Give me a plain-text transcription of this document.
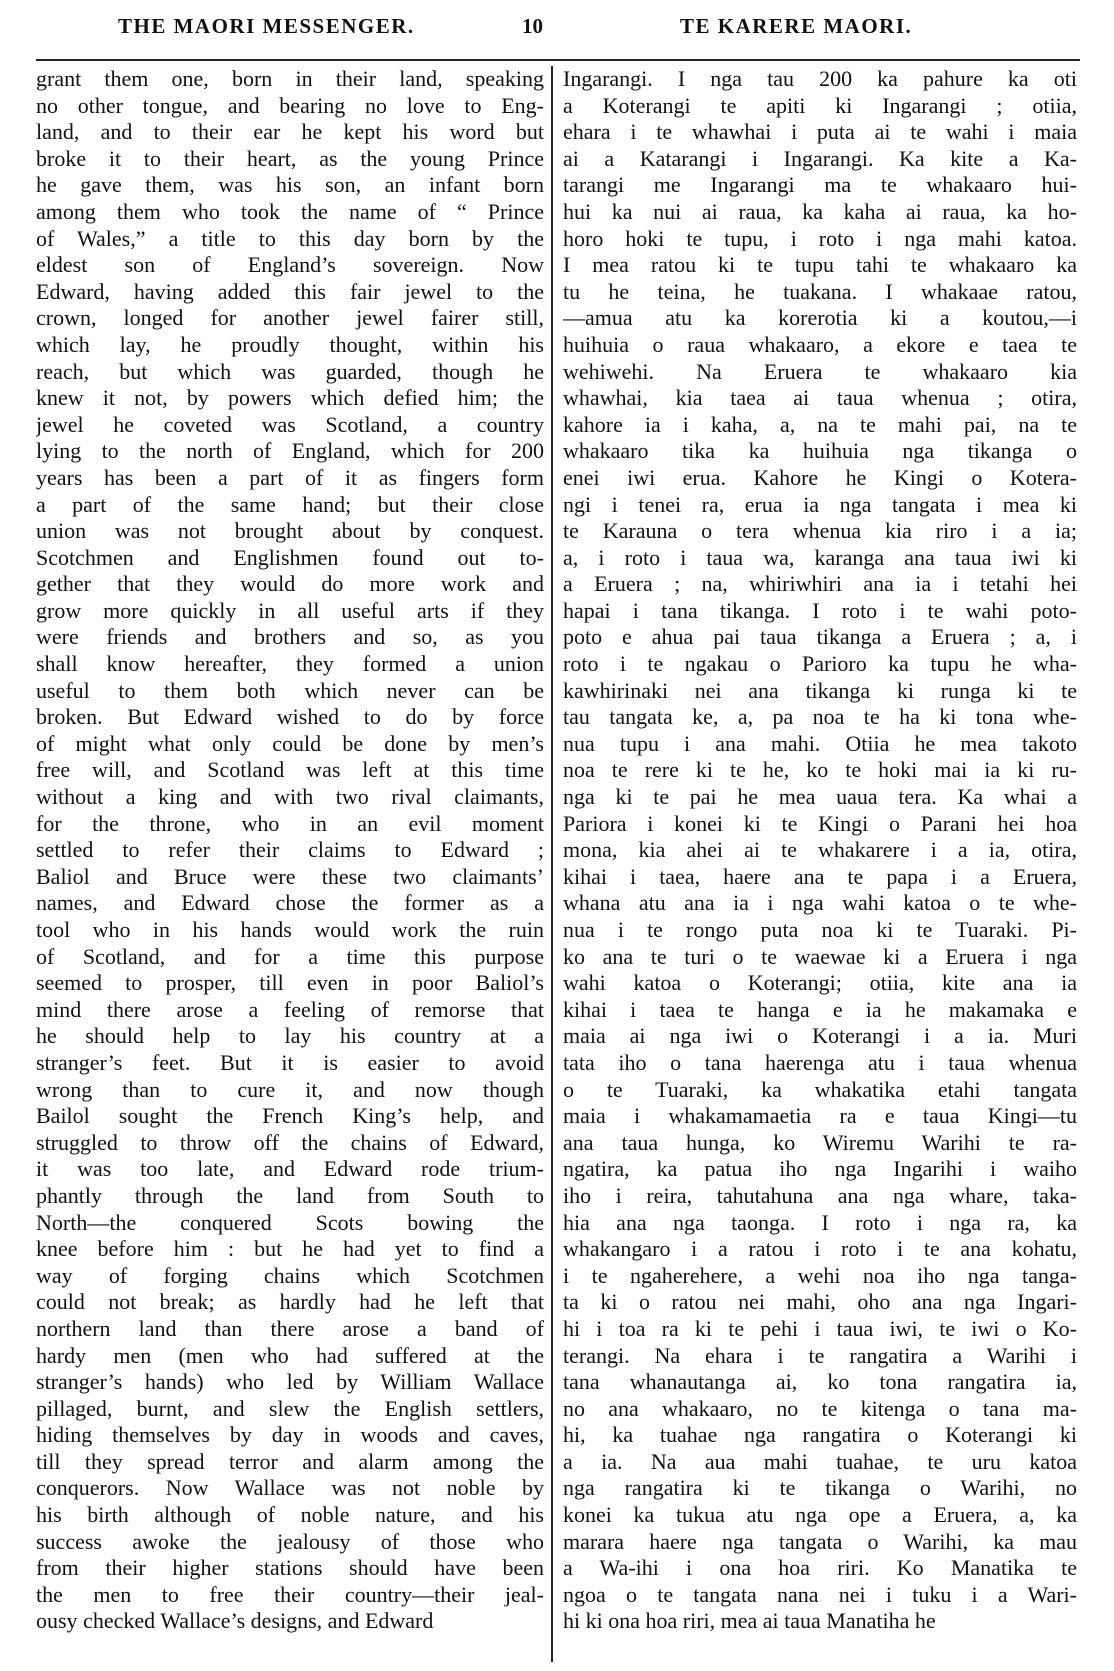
THE MAORI MESSENGER.	10	TE KARERE MAORI.
grant them one, born in their land, speaking
no other tongue, and bearing no love to Eng-
land, and to their ear he kept his word but
broke it to their heart, as the young Prince
he gave them, was his son, an infant born
among them who took the name of “ Prince
of Wales,” a title to this day born by the
eldest son of England’s sovereign. Now
Edward, having added this fair jewel to the
crown, longed for another jewel fairer still,
which lay, he proudly thought, within his
reach, but which was guarded, though he
knew it not, by powers which defied him; the
jewel he coveted was Scotland, a country
lying to the north of England, which for 200
years has been a part of it as fingers form
a part of the same hand; but their close
union was not brought about by conquest.
Scotchmen and Englishmen found out to-
gether that they would do more work and
grow more quickly in all useful arts if they
were friends and brothers and so, as you
shall know hereafter, they formed a union
useful to them both which never can be
broken. But Edward wished to do by force
of might what only could be done by men’s
free will, and Scotland was left at this time
without a king and with two rival claimants,
for the throne, who in an evil moment
settled to refer their claims to Edward ;
Baliol and Bruce were these two claimants’
names, and Edward chose the former as a
tool who in his hands would work the ruin
of Scotland, and for a time this purpose
seemed to prosper, till even in poor Baliol’s
mind there arose a feeling of remorse that
he should help to lay his country at a
stranger’s feet. But it is easier to avoid
wrong than to cure it, and now though
Bailol sought the French King’s help, and
struggled to throw off the chains of Edward,
it was too late, and Edward rode trium-
phantly through the land from South to
North—the conquered Scots bowing the
knee before him : but he had yet to find a
way of forging chains which Scotchmen
could not break; as hardly had he left that
northern land than there arose a band of
hardy men (men who had suffered at the
stranger’s hands) who led by William Wallace
pillaged, burnt, and slew the English settlers,
hiding themselves by day in woods and caves,
till they spread terror and alarm among the
conquerors. Now Wallace was not noble by
his birth although of noble nature, and his
success awoke the jealousy of those who
from their higher stations should have been
the men to free their country—their jeal-
ousy checked Wallace’s designs, and Edward
Ingarangi. I nga tau 200 ka pahure ka oti
a Koterangi te apiti ki Ingarangi ; otiia,
ehara i te whawhai i puta ai te wahi i maia
ai a Katarangi i Ingarangi. Ka kite a Ka-
tarangi me Ingarangi ma te whakaaro hui-
hui ka nui ai raua, ka kaha ai raua, ka ho-
horo hoki te tupu, i roto i nga mahi katoa.
I mea ratou ki te tupu tahi te whakaaro ka
tu he teina, he tuakana. I whakaae ratou,
—amua atu ka korerotia ki a koutou,—i
huihuia o raua whakaaro, a ekore e taea te
wehiwehi. Na Eruera te whakaaro kia
whawhai, kia taea ai taua whenua ; otira,
kahore ia i kaha, a, na te mahi pai, na te
whakaaro tika ka huihuia nga tikanga o
enei iwi erua. Kahore he Kingi o Kotera-
ngi i tenei ra, erua ia nga tangata i mea ki
te Karauna o tera whenua kia riro i a ia;
a, i roto i taua wa, karanga ana taua iwi ki
a Eruera ; na, whiriwhiri ana ia i tetahi hei
hapai i tana tikanga. I roto i te wahi poto-
poto e ahua pai taua tikanga a Eruera ; a, i
roto i te ngakau o Parioro ka tupu he wha-
kawhirinaki nei ana tikanga ki runga ki te
tau tangata ke, a, pa noa te ha ki tona whe-
nua tupu i ana mahi. Otiia he mea takoto
noa te rere ki te he, ko te hoki mai ia ki ru-
nga ki te pai he mea uaua tera. Ka whai a
Pariora i konei ki te Kingi o Parani hei hoa
mona, kia ahei ai te whakarere i a ia, otira,
kihai i taea, haere ana te papa i a Eruera,
whana atu ana ia i nga wahi katoa o te whe-
nua i te rongo puta noa ki te Tuaraki. Pi-
ko ana te turi o te waewae ki a Eruera i nga
wahi katoa o Koterangi; otiia, kite ana ia
kihai i taea te hanga e ia he makamaka e
maia ai nga iwi o Koterangi i a ia. Muri
tata iho o tana haerenga atu i taua whenua
o te Tuaraki, ka whakatika etahi tangata
maia i whakamamaetia ra e taua Kingi—tu
ana taua hunga, ko Wiremu Warihi te ra-
ngatira, ka patua iho nga Ingarihi i waiho
iho i reira, tahutahuna ana nga whare, taka-
hia ana nga taonga. I roto i nga ra, ka
whakangaro i a ratou i roto i te ana kohatu,
i te ngaherehere, a wehi noa iho nga tanga-
ta ki o ratou nei mahi, oho ana nga Ingari-
hi i toa ra ki te pehi i taua iwi, te iwi o Ko-
terangi. Na ehara i te rangatira a Warihi i
tana whanautanga ai, ko tona rangatira ia,
no ana whakaaro, no te kitenga o tana ma-
hi, ka tuahae nga rangatira o Koterangi ki
a ia. Na aua mahi tuahae, te uru katoa
nga rangatira ki te tikanga o Warihi, no
konei ka tukua atu nga ope a Eruera, a, ka
marara haere nga tangata o Warihi, ka mau
a Wa-ihi i ona hoa riri. Ko Manatika te
ngoa o te tangata nana nei i tuku i a Wari-
hi ki ona hoa riri, mea ai taua Manatiha he
